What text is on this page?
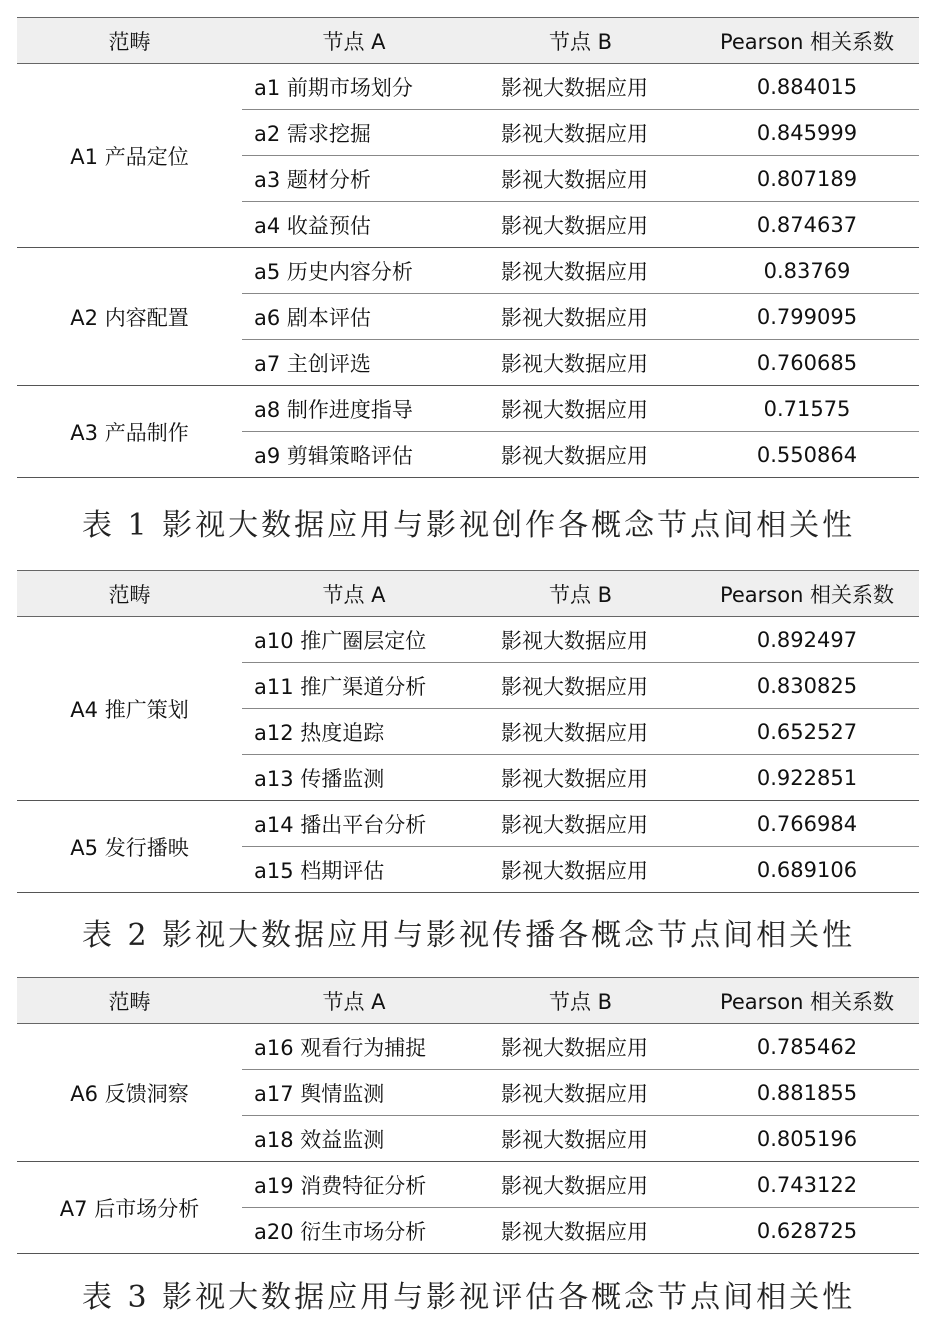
范畴	节点 A	节点 B	Pearson 相关系数
A1 产品定位	a1 前期市场划分	影视大数据应用	0.884015
	a2 需求挖掘	影视大数据应用	0.845999
	a3 题材分析	影视大数据应用	0.807189
	a4 收益预估	影视大数据应用	0.874637
A2 内容配置	a5 历史内容分析	影视大数据应用	0.83769
	a6 剧本评估	影视大数据应用	0.799095
	a7 主创评选	影视大数据应用	0.760685
A3 产品制作	a8 制作进度指导	影视大数据应用	0.71575
	a9 剪辑策略评估	影视大数据应用	0.550864
表 1 影视大数据应用与影视创作各概念节点间相关性
范畴	节点 A	节点 B	Pearson 相关系数
A4 推广策划	a10 推广圈层定位	影视大数据应用	0.892497
	a11 推广渠道分析	影视大数据应用	0.830825
	a12 热度追踪	影视大数据应用	0.652527
	a13 传播监测	影视大数据应用	0.922851
A5 发行播映	a14 播出平台分析	影视大数据应用	0.766984
	a15 档期评估	影视大数据应用	0.689106
表 2 影视大数据应用与影视传播各概念节点间相关性
范畴	节点 A	节点 B	Pearson 相关系数
A6 反馈洞察	a16 观看行为捕捉	影视大数据应用	0.785462
	a17 舆情监测	影视大数据应用	0.881855
	a18 效益监测	影视大数据应用	0.805196
A7 后市场分析	a19 消费特征分析	影视大数据应用	0.743122
	a20 衍生市场分析	影视大数据应用	0.628725
表 3 影视大数据应用与影视评估各概念节点间相关性
